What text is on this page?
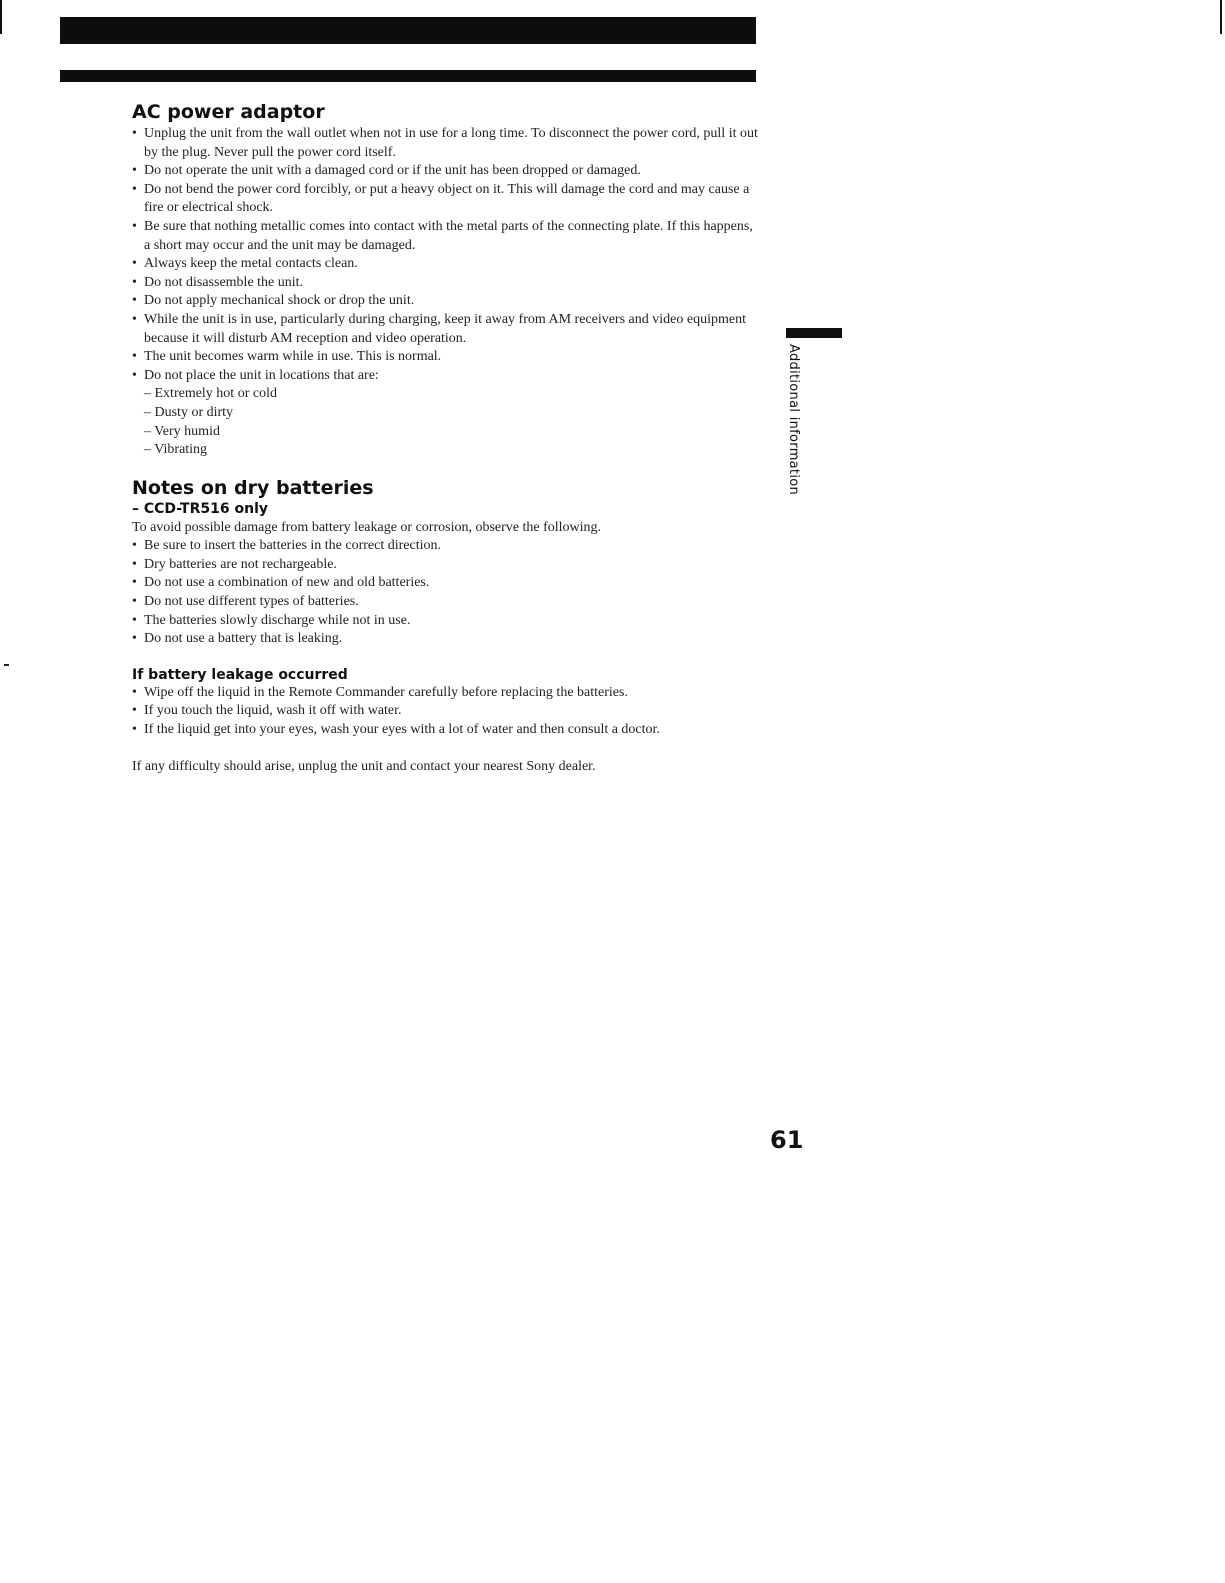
AC power adaptor
• Unplug the unit from the wall outlet when not in use for a long time. To disconnect the power cord, pull it out by the plug. Never pull the power cord itself.
• Do not operate the unit with a damaged cord or if the unit has been dropped or damaged.
• Do not bend the power cord forcibly, or put a heavy object on it. This will damage the cord and may cause a fire or electrical shock.
• Be sure that nothing metallic comes into contact with the metal parts of the connecting plate. If this happens, a short may occur and the unit may be damaged.
• Always keep the metal contacts clean.
• Do not disassemble the unit.
• Do not apply mechanical shock or drop the unit.
• While the unit is in use, particularly during charging, keep it away from AM receivers and video equipment because it will disturb AM reception and video operation.
• The unit becomes warm while in use. This is normal.
• Do not place the unit in locations that are:
– Extremely hot or cold
– Dusty or dirty
– Very humid
– Vibrating
Notes on dry batteries
– CCD-TR516 only

To avoid possible damage from battery leakage or corrosion, observe the following.

• Be sure to insert the batteries in the correct direction.
• Dry batteries are not rechargeable.
• Do not use a combination of new and old batteries.
• Do not use different types of batteries.
• The batteries slowly discharge while not in use.
• Do not use a battery that is leaking.
If battery leakage occurred
• Wipe off the liquid in the Remote Commander carefully before replacing the batteries.
• If you touch the liquid, wash it off with water.
• If the liquid get into your eyes, wash your eyes with a lot of water and then consult a doctor.

If any difficulty should arise, unplug the unit and contact your nearest Sony dealer.

Additional information
61
